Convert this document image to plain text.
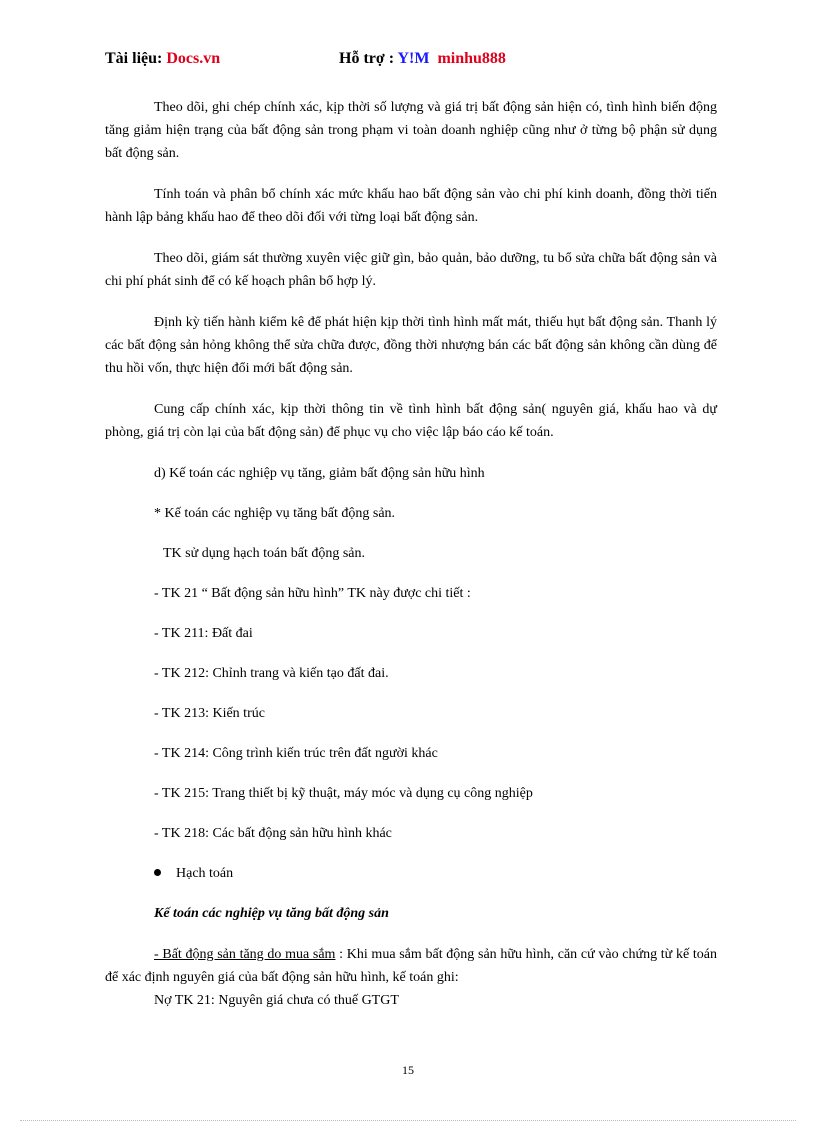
Tài liệu: Docs.vn	Hỗ trợ : Y!M minhu888

Theo dõi, ghi chép chính xác, kịp thời số lượng và giá trị bất động sản hiện có, tình hình biến động tăng giảm hiện trạng của bất động sản trong phạm vi toàn doanh nghiệp cũng như ở từng bộ phận sử dụng bất động sản.

Tính toán và phân bổ chính xác mức khấu hao bất động sản vào chi phí kinh doanh, đồng thời tiến hành lập bảng khấu hao để theo dõi đối với từng loại bất động sản.

Theo dõi, giám sát thường xuyên việc giữ gìn, bảo quản, bảo dưỡng, tu bổ sửa chữa bất động sản và chi phí phát sinh để có kế hoạch phân bổ hợp lý.

Định kỳ tiến hành kiểm kê để phát hiện kịp thời tình hình mất mát, thiếu hụt bất động sản. Thanh lý các bất động sản hỏng không thể sửa chữa được, đồng thời nhượng bán các bất động sản không cần dùng để thu hồi vốn, thực hiện đổi mới bất động sản.

Cung cấp chính xác, kịp thời thông tin về tình hình bất động sản( nguyên giá, khấu hao và dự phòng, giá trị còn lại của bất động sản) để phục vụ cho việc lập báo cáo kế toán.

d) Kế toán các nghiệp vụ tăng, giảm bất động sản hữu hình
* Kế toán các nghiệp vụ tăng bất động sản.
TK sử dụng hạch toán bất động sản.
- TK 21 “ Bất động sản hữu hình” TK này được chi tiết :
- TK 211: Đất đai
- TK 212: Chỉnh trang và kiến tạo đất đai.
- TK 213: Kiến trúc
- TK 214: Công trình kiến trúc trên đất người khác
- TK 215: Trang thiết bị kỹ thuật, máy móc và dụng cụ công nghiệp
- TK 218: Các bất động sản hữu hình khác
Hạch toán
Kế toán các nghiệp vụ tăng bất động sản

- Bất động sản tăng do mua sắm : Khi mua sắm bất động sản hữu hình, căn cứ vào chứng từ kế toán để xác định nguyên giá của bất động sản hữu hình, kế toán ghi:

Nợ TK 21: Nguyên giá chưa có thuế GTGT
15
